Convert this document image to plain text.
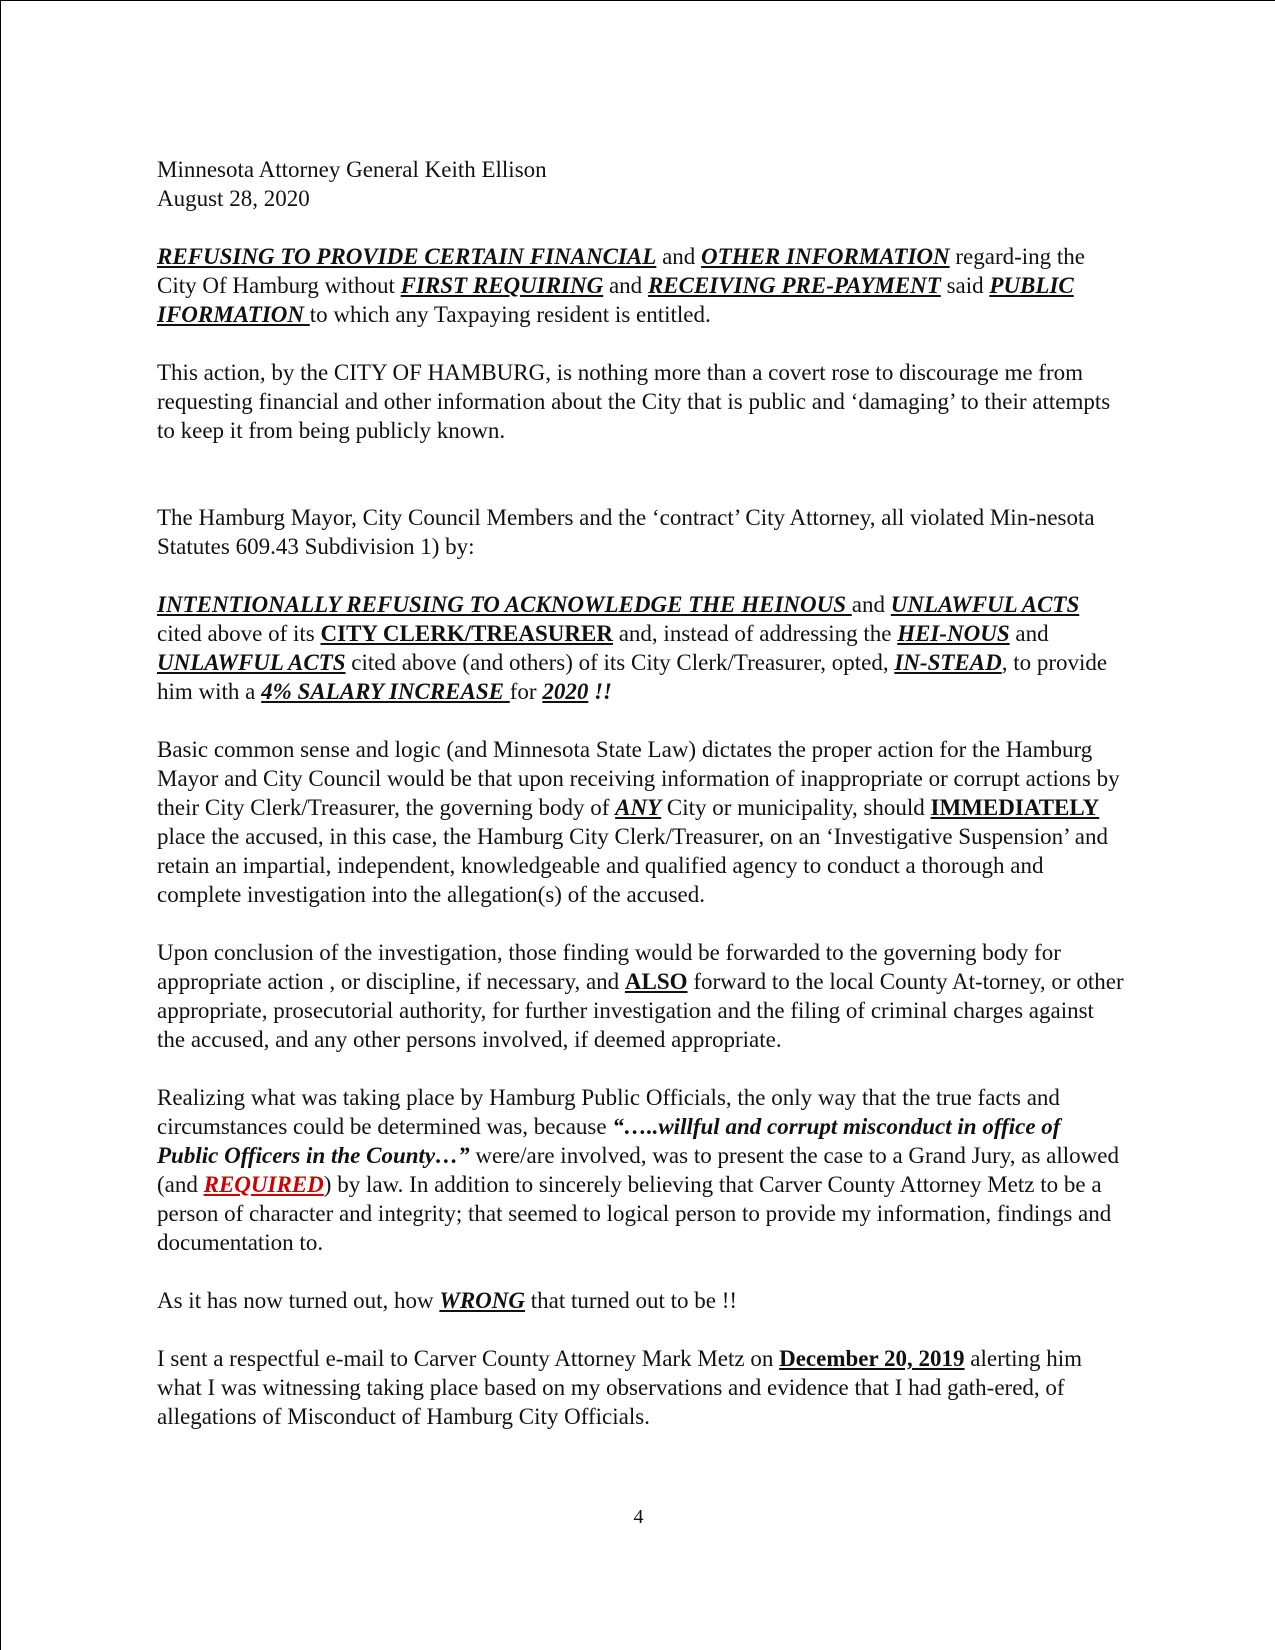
Minnesota Attorney General Keith Ellison

August 28, 2020

REFUSING TO PROVIDE CERTAIN FINANCIAL and OTHER INFORMATION regard-ing the City Of Hamburg without FIRST REQUIRING and RECEIVING PRE-PAYMENT said PUBLIC IFORMATION to which any Taxpaying resident is entitled.

This action, by the CITY OF HAMBURG, is nothing more than a covert rose to discourage me from requesting financial and other information about the City that is public and ‘damaging’ to their attempts to keep it from being publicly known.

The Hamburg Mayor, City Council Members and the ‘contract’ City Attorney, all violated Min-nesota Statutes 609.43 Subdivision 1) by:

INTENTIONALLY REFUSING TO ACKNOWLEDGE THE HEINOUS and UNLAWFUL ACTS cited above of its CITY CLERK/TREASURER and, instead of addressing the HEI-NOUS and UNLAWFUL ACTS cited above (and others) of its City Clerk/Treasurer, opted, IN-STEAD, to provide him with a 4% SALARY INCREASE for 2020 !!

Basic common sense and logic (and Minnesota State Law) dictates the proper action for the Hamburg Mayor and City Council would be that upon receiving information of inappropriate or corrupt actions by their City Clerk/Treasurer, the governing body of ANY City or municipality, should IMMEDIATELY place the accused, in this case, the Hamburg City Clerk/Treasurer, on an ‘Investigative Suspension’ and retain an impartial, independent, knowledgeable and qualified agency to conduct a thorough and complete investigation into the allegation(s) of the accused.

Upon conclusion of the investigation, those finding would be forwarded to the governing body for appropriate action , or discipline, if necessary, and ALSO forward to the local County At-torney, or other appropriate, prosecutorial authority, for further investigation and the filing of criminal charges against the accused, and any other persons involved, if deemed appropriate.

Realizing what was taking place by Hamburg Public Officials, the only way that the true facts and circumstances could be determined was, because “…..willful and corrupt misconduct in office of Public Officers in the County…” were/are involved, was to present the case to a Grand Jury, as allowed (and REQUIRED) by law. In addition to sincerely believing that Carver County Attorney Metz to be a person of character and integrity; that seemed to logical person to provide my information, findings and documentation to.

As it has now turned out, how WRONG that turned out to be !!

I sent a respectful e-mail to Carver County Attorney Mark Metz on December 20, 2019 alerting him what I was witnessing taking place based on my observations and evidence that I had gath-ered, of allegations of Misconduct of Hamburg City Officials.

4
